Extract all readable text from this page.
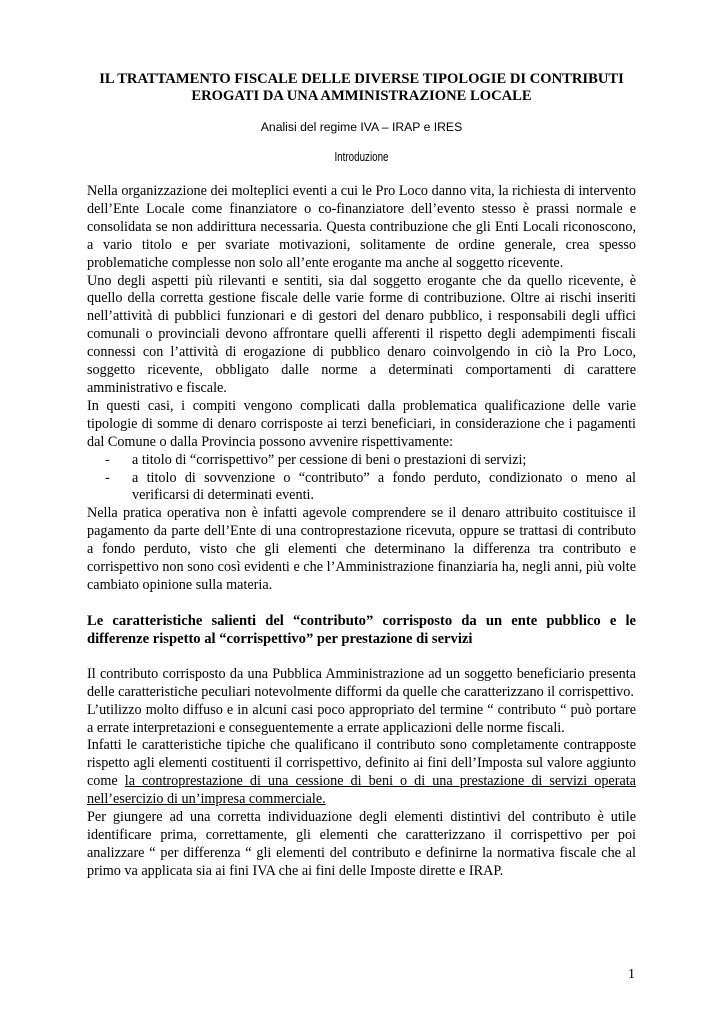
IL TRATTAMENTO FISCALE DELLE DIVERSE TIPOLOGIE DI CONTRIBUTI EROGATI DA UNA AMMINISTRAZIONE LOCALE
Analisi del regime IVA – IRAP e IRES
Introduzione

Nella organizzazione dei molteplici eventi a cui le Pro Loco danno vita, la richiesta di intervento dell’Ente Locale come finanziatore o co-finanziatore dell’evento stesso è prassi normale e consolidata se non addirittura necessaria. Questa contribuzione che gli Enti Locali riconoscono, a vario titolo e per svariate motivazioni, solitamente de ordine generale, crea spesso problematiche complesse non solo all’ente erogante ma anche al soggetto ricevente.

Uno degli aspetti più rilevanti e sentiti, sia dal soggetto erogante che da quello ricevente, è quello della corretta gestione fiscale delle varie forme di contribuzione. Oltre ai rischi inseriti nell’attività di pubblici funzionari e di gestori del denaro pubblico, i responsabili degli uffici comunali o provinciali devono affrontare quelli afferenti il rispetto degli adempimenti fiscali connessi con l’attività di erogazione di pubblico denaro coinvolgendo in ciò la Pro Loco, soggetto ricevente, obbligato dalle norme a determinati comportamenti di carattere amministrativo e fiscale.

In questi casi, i compiti vengono complicati dalla problematica qualificazione delle varie tipologie di somme di denaro corrisposte ai terzi beneficiari, in considerazione che i pagamenti dal Comune o dalla Provincia possono avvenire rispettivamente:

- a titolo di “corrispettivo” per cessione di beni o prestazioni di servizi;
- a titolo di sovvenzione o “contributo” a fondo perduto, condizionato o meno al verificarsi di determinati eventi.

Nella pratica operativa non è infatti agevole comprendere se il denaro attribuito costituisce il pagamento da parte dell’Ente di una controprestazione ricevuta, oppure se trattasi di contributo a fondo perduto, visto che gli elementi che determinano la differenza tra contributo e corrispettivo non sono così evidenti e che l’Amministrazione finanziaria ha, negli anni, più volte cambiato opinione sulla materia.

Le caratteristiche salienti del “contributo” corrisposto da un ente pubblico e le differenze rispetto al “corrispettivo” per prestazione di servizi

Il contributo corrisposto da una Pubblica Amministrazione ad un soggetto beneficiario presenta delle caratteristiche peculiari notevolmente difformi da quelle che caratterizzano il corrispettivo.

L’utilizzo molto diffuso e in alcuni casi poco appropriato del termine “ contributo “ può portare a errate interpretazioni e conseguentemente a errate applicazioni delle norme fiscali.

Infatti le caratteristiche tipiche che qualificano il contributo sono completamente contrapposte rispetto agli elementi costituenti il corrispettivo, definito ai fini dell’Imposta sul valore aggiunto come la controprestazione di una cessione di beni o di una prestazione di servizi operata nell’esercizio di un’impresa commerciale.

Per giungere ad una corretta individuazione degli elementi distintivi del contributo è utile identificare prima, correttamente, gli elementi che caratterizzano il corrispettivo per poi analizzare “ per differenza “ gli elementi del contributo e definirne la normativa fiscale che al primo va applicata sia ai fini IVA che ai fini delle Imposte dirette e IRAP.

1
